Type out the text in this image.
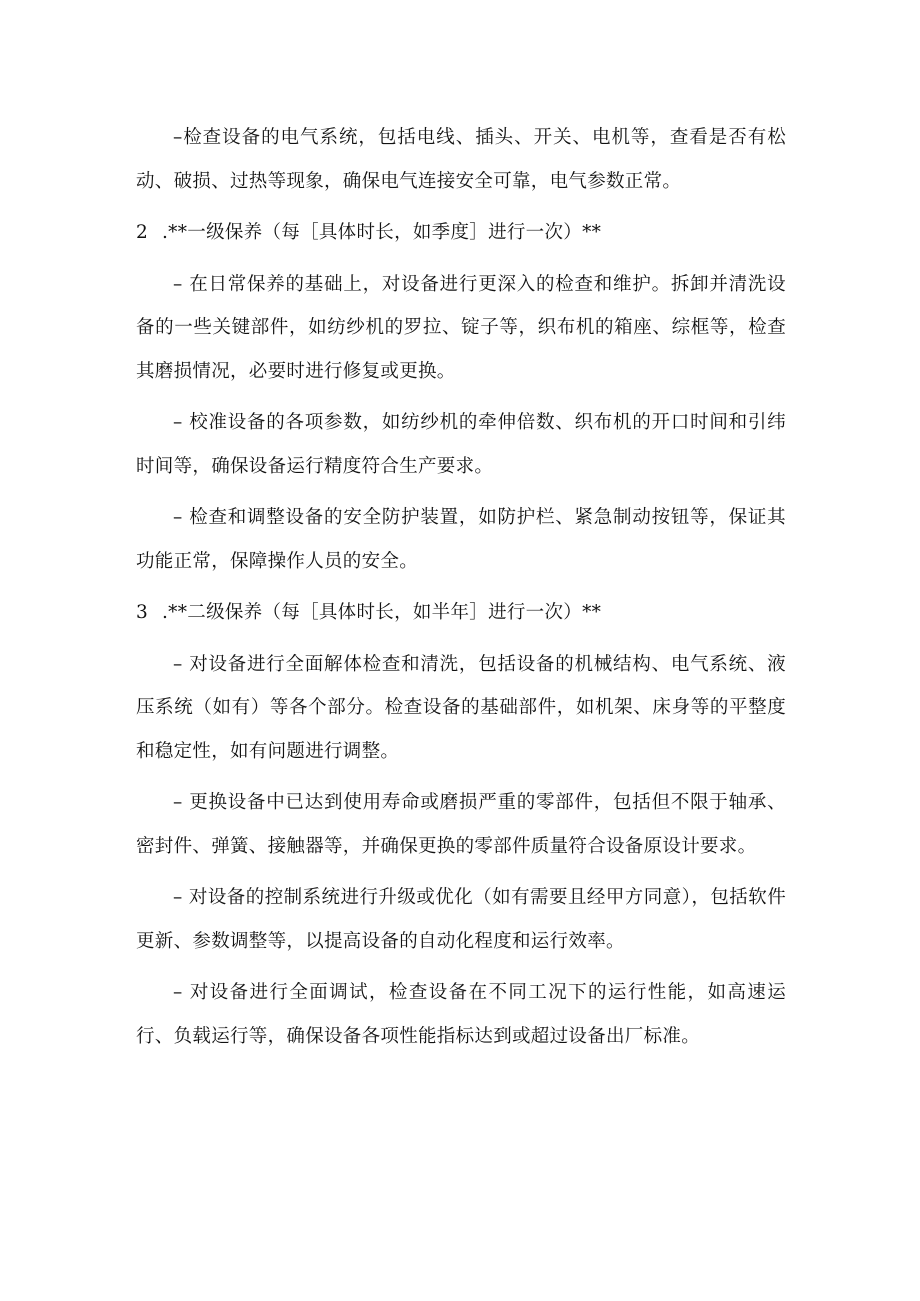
–检查设备的电气系统，包括电线、插头、开关、电机等，查看是否有松动、破损、过热等现象，确保电气连接安全可靠，电气参数正常。

2 .**一级保养（每［具体时长，如季度］进行一次）**

– 在日常保养的基础上，对设备进行更深入的检查和维护。拆卸并清洗设备的一些关键部件，如纺纱机的罗拉、锭子等，织布机的箱座、综框等，检查其磨损情况，必要时进行修复或更换。

– 校准设备的各项参数，如纺纱机的牵伸倍数、织布机的开口时间和引纬时间等，确保设备运行精度符合生产要求。

– 检查和调整设备的安全防护装置，如防护栏、紧急制动按钮等，保证其功能正常，保障操作人员的安全。

3 .**二级保养（每［具体时长，如半年］进行一次）**

– 对设备进行全面解体检查和清洗，包括设备的机械结构、电气系统、液压系统（如有）等各个部分。检查设备的基础部件，如机架、床身等的平整度和稳定性，如有问题进行调整。

– 更换设备中已达到使用寿命或磨损严重的零部件，包括但不限于轴承、密封件、弹簧、接触器等，并确保更换的零部件质量符合设备原设计要求。

– 对设备的控制系统进行升级或优化（如有需要且经甲方同意），包括软件更新、参数调整等，以提高设备的自动化程度和运行效率。

– 对设备进行全面调试，检查设备在不同工况下的运行性能，如高速运行、负载运行等，确保设备各项性能指标达到或超过设备出厂标准。
